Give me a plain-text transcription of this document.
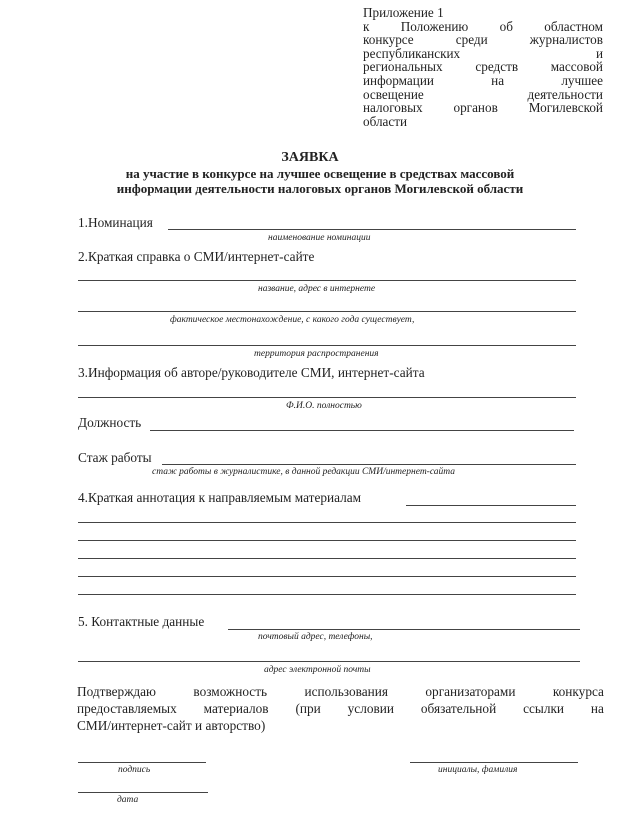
Приложение 1
к Положению об областном
конкурсе	среди	журналистов
республиканских	и
региональных средств массовой
информации	на	лучшее
освещение	деятельности
налоговых органов Могилевской
области
ЗАЯВКА
на участие в конкурсе на лучшее освещение в средствах массовой
информации деятельности налоговых органов Могилевской области
1.Номинация
наименование номинации
2.Краткая справка о СМИ/интернет-сайте
название, адрес в интернете
фактическое местонахождение, с какого года существует,
территория распространения
3.Информация об авторе/руководителе СМИ, интернет-сайта
Ф.И.О. полностью
Должность
Стаж работы
стаж работы в журналистике, в данной редакции СМИ/интернет-сайта
4.Краткая аннотация к направляемым материалам
5. Контактные данные
почтовый адрес, телефоны,
адрес электронной почты
Подтверждаю	возможность	использования	организаторами	конкурса
предоставляемых материалов (при условии обязательной ссылки на
СМИ/интернет-сайт и авторство)
подпись	инициалы, фамилия
дата
